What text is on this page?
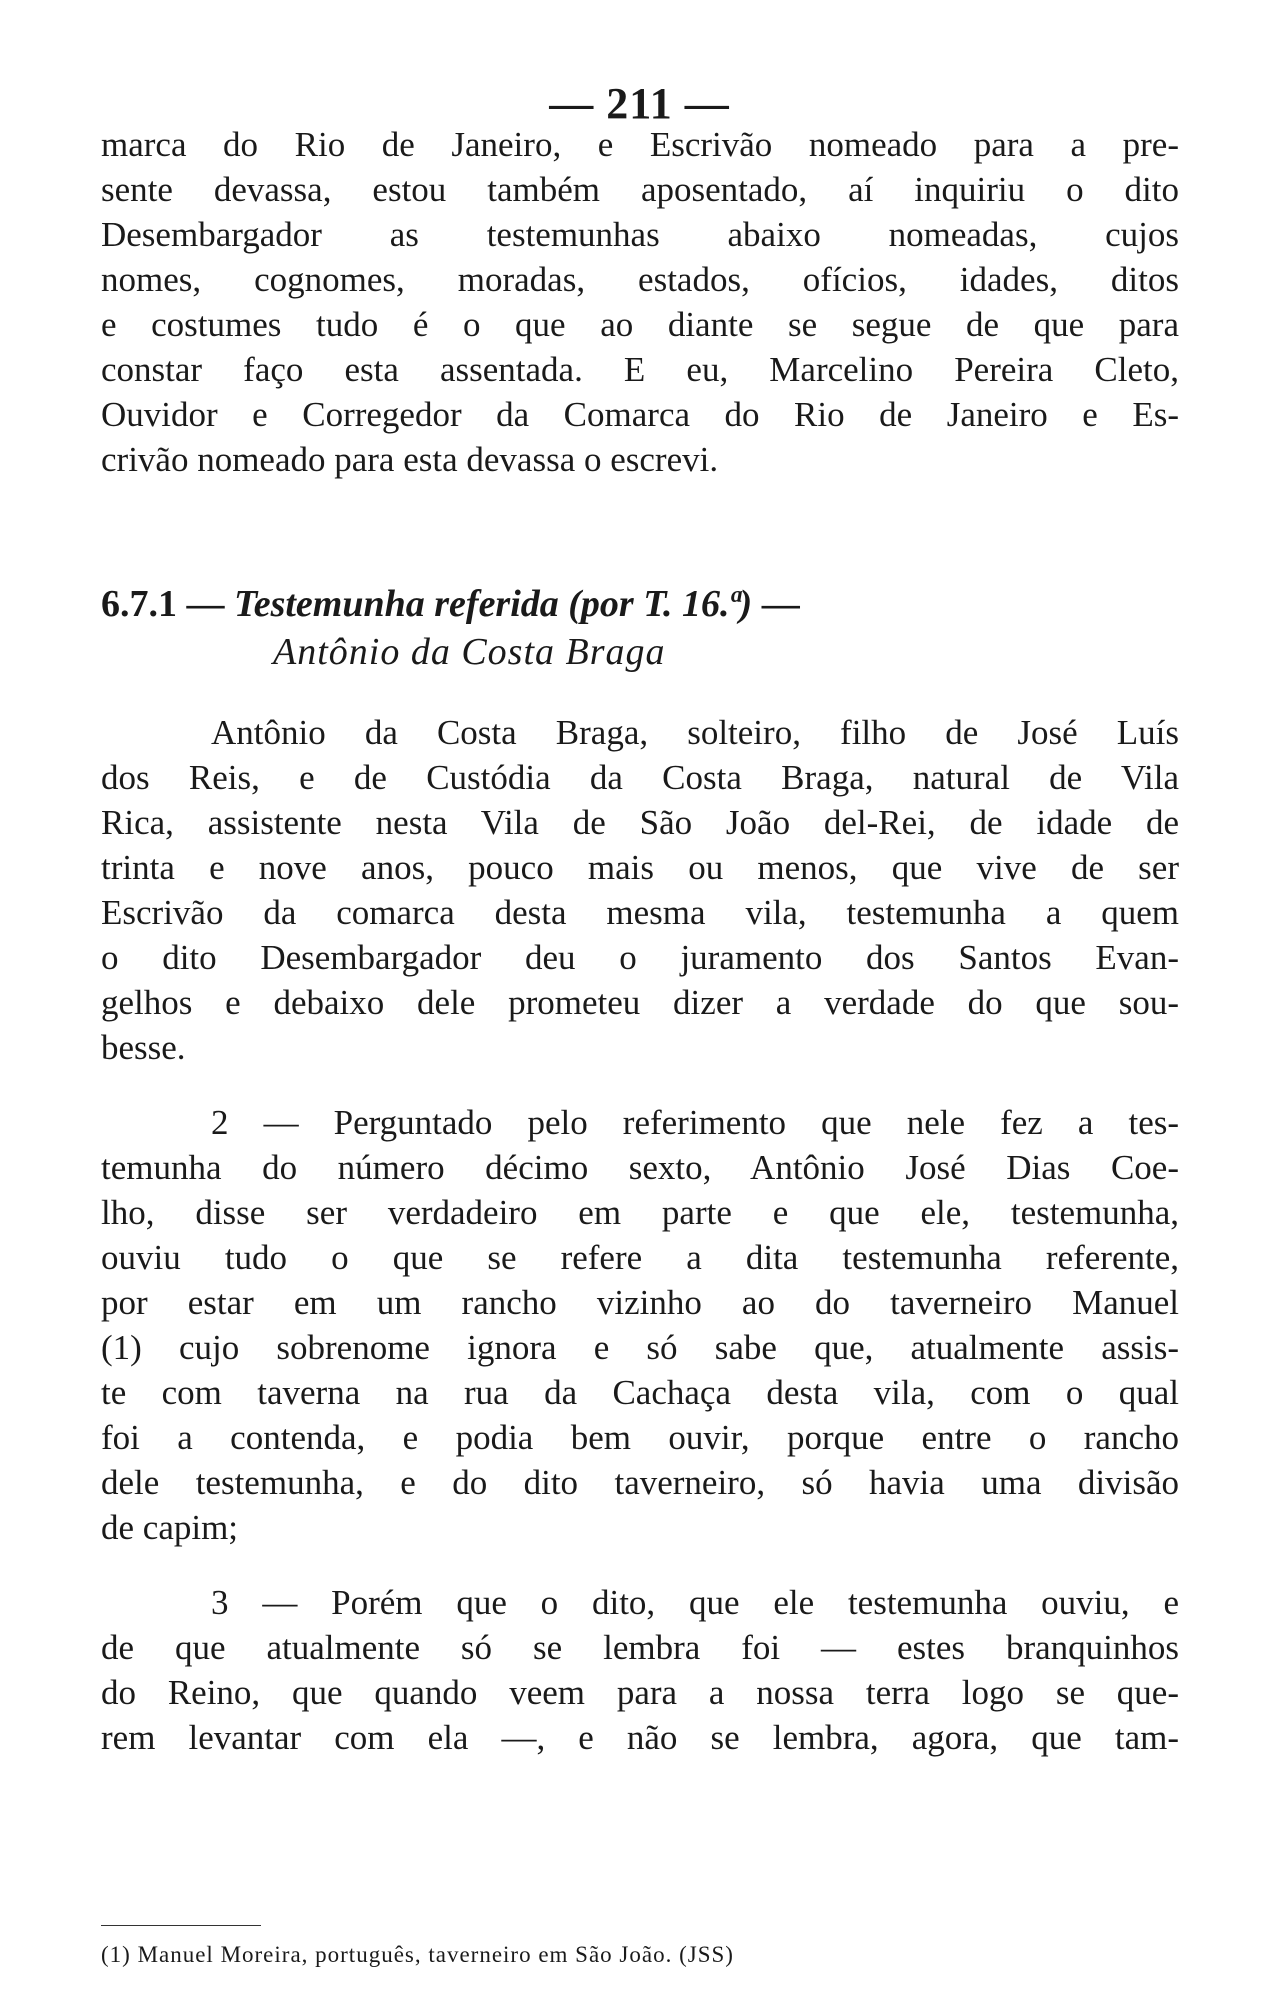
— 211 —
marca do Rio de Janeiro, e Escrivão nomeado para a pre-
sente devassa, estou também aposentado, aí inquiriu o dito
Desembargador as testemunhas abaixo nomeadas, cujos
nomes, cognomes, moradas, estados, ofícios, idades, ditos
e costumes tudo é o que ao diante se segue de que para
constar faço esta assentada. E eu, Marcelino Pereira Cleto,
Ouvidor e Corregedor da Comarca do Rio de Janeiro e Es-
crivão nomeado para esta devassa o escrevi.
6.7.1 — Testemunha referida (por T. 16.ª) —
Antônio da Costa Braga
Antônio da Costa Braga, solteiro, filho de José Luís
dos Reis, e de Custódia da Costa Braga, natural de Vila
Rica, assistente nesta Vila de São João del-Rei, de idade de
trinta e nove anos, pouco mais ou menos, que vive de ser
Escrivão da comarca desta mesma vila, testemunha a quem
o dito Desembargador deu o juramento dos Santos Evan-
gelhos e debaixo dele prometeu dizer a verdade do que sou-
besse.
2 — Perguntado pelo referimento que nele fez a tes-
temunha do número décimo sexto, Antônio José Dias Coe-
lho, disse ser verdadeiro em parte e que ele, testemunha,
ouviu tudo o que se refere a dita testemunha referente,
por estar em um rancho vizinho ao do taverneiro Manuel
(1) cujo sobrenome ignora e só sabe que, atualmente assis-
te com taverna na rua da Cachaça desta vila, com o qual
foi a contenda, e podia bem ouvir, porque entre o rancho
dele testemunha, e do dito taverneiro, só havia uma divisão
de capim;
3 — Porém que o dito, que ele testemunha ouviu, e
de que atualmente só se lembra foi — estes branquinhos
do Reino, que quando veem para a nossa terra logo se que-
rem levantar com ela —, e não se lembra, agora, que tam-
(1) Manuel Moreira, português, taverneiro em São João. (JSS)
